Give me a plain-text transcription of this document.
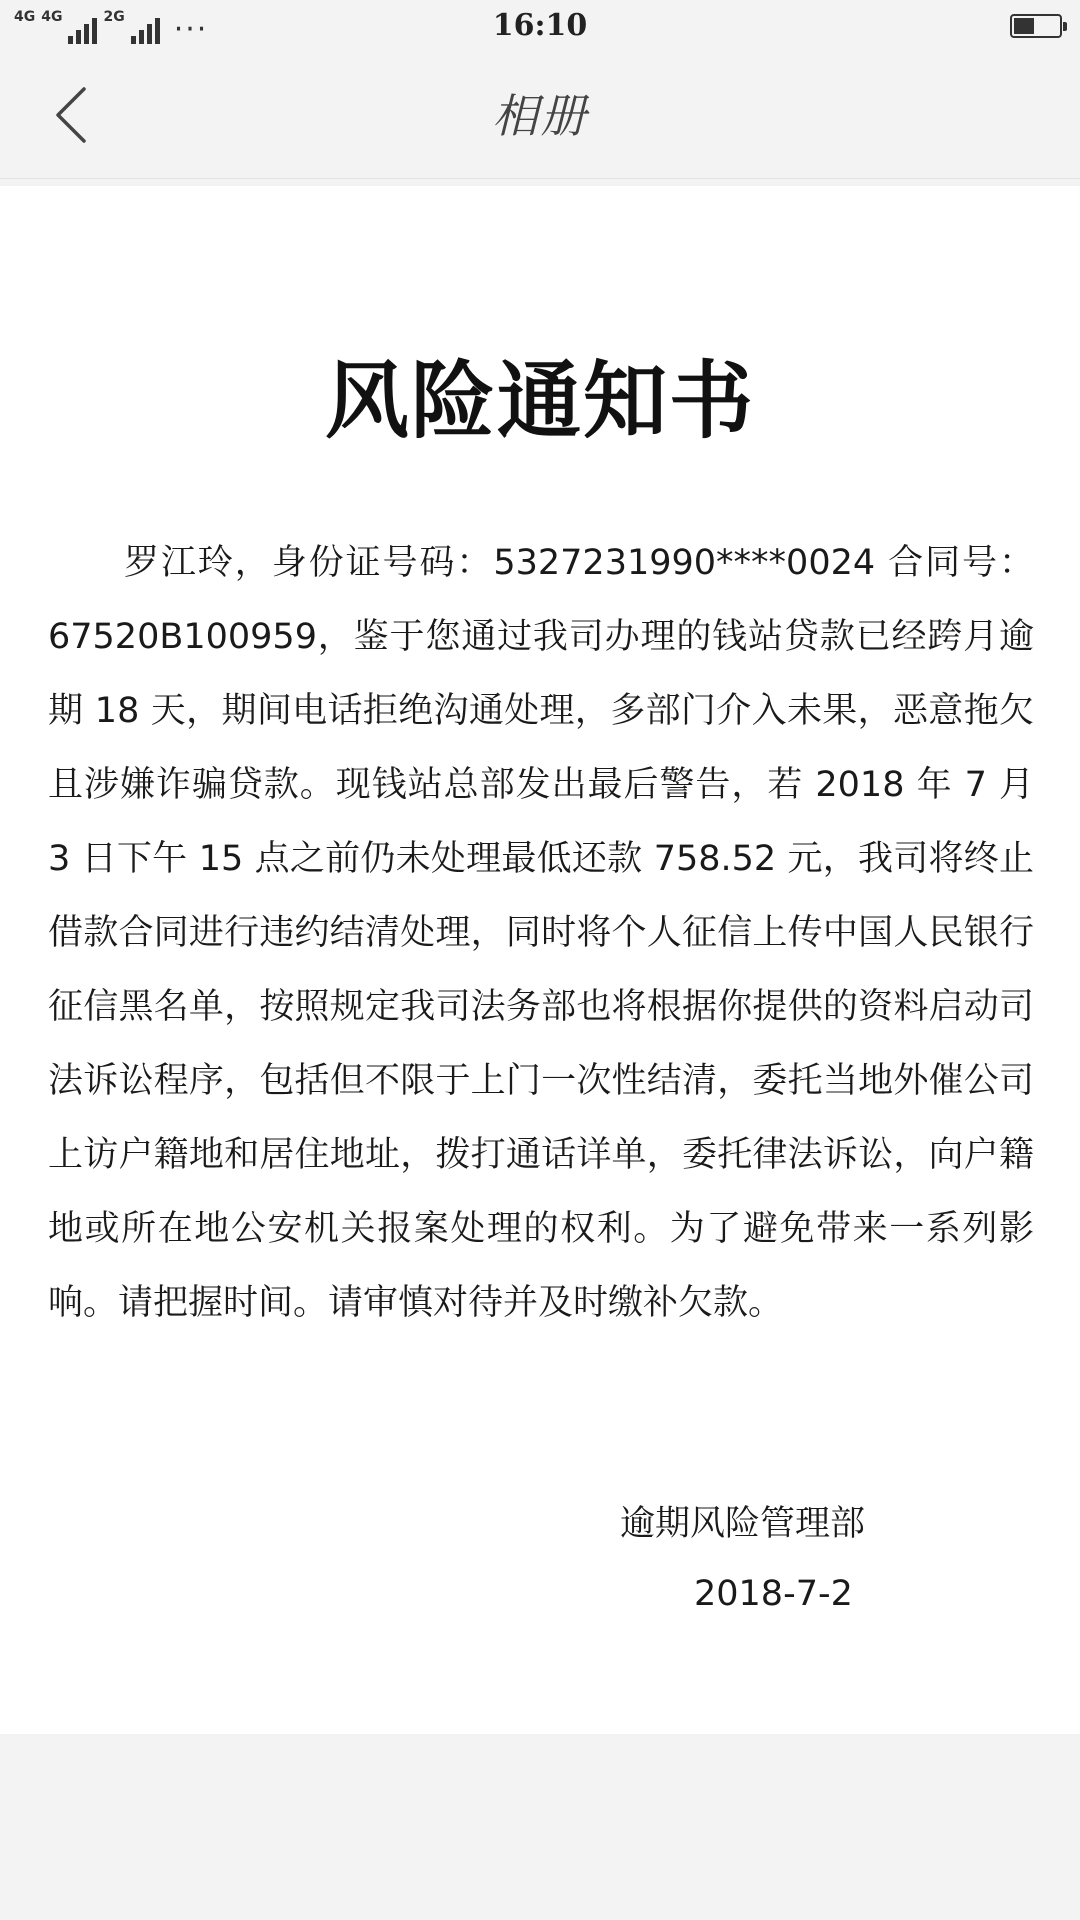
4G 4G	2G ···	16:10
相册
风险通知书

罗江玲，身份证号码：5327231990****0024 合同号：67520B100959，鉴于您通过我司办理的钱站贷款已经跨月逾期 18 天，期间电话拒绝沟通处理，多部门介入未果，恶意拖欠且涉嫌诈骗贷款。现钱站总部发出最后警告，若 2018 年 7 月 3 日下午 15 点之前仍未处理最低还款 758.52 元，我司将终止借款合同进行违约结清处理，同时将个人征信上传中国人民银行征信黑名单，按照规定我司法务部也将根据你提供的资料启动司法诉讼程序，包括但不限于上门一次性结清，委托当地外催公司上访户籍地和居住地址，拨打通话详单，委托律法诉讼，向户籍地或所在地公安机关报案处理的权利。为了避免带来一系列影响。请把握时间。请审慎对待并及时缴补欠款。

逾期风险管理部
2018-7-2
